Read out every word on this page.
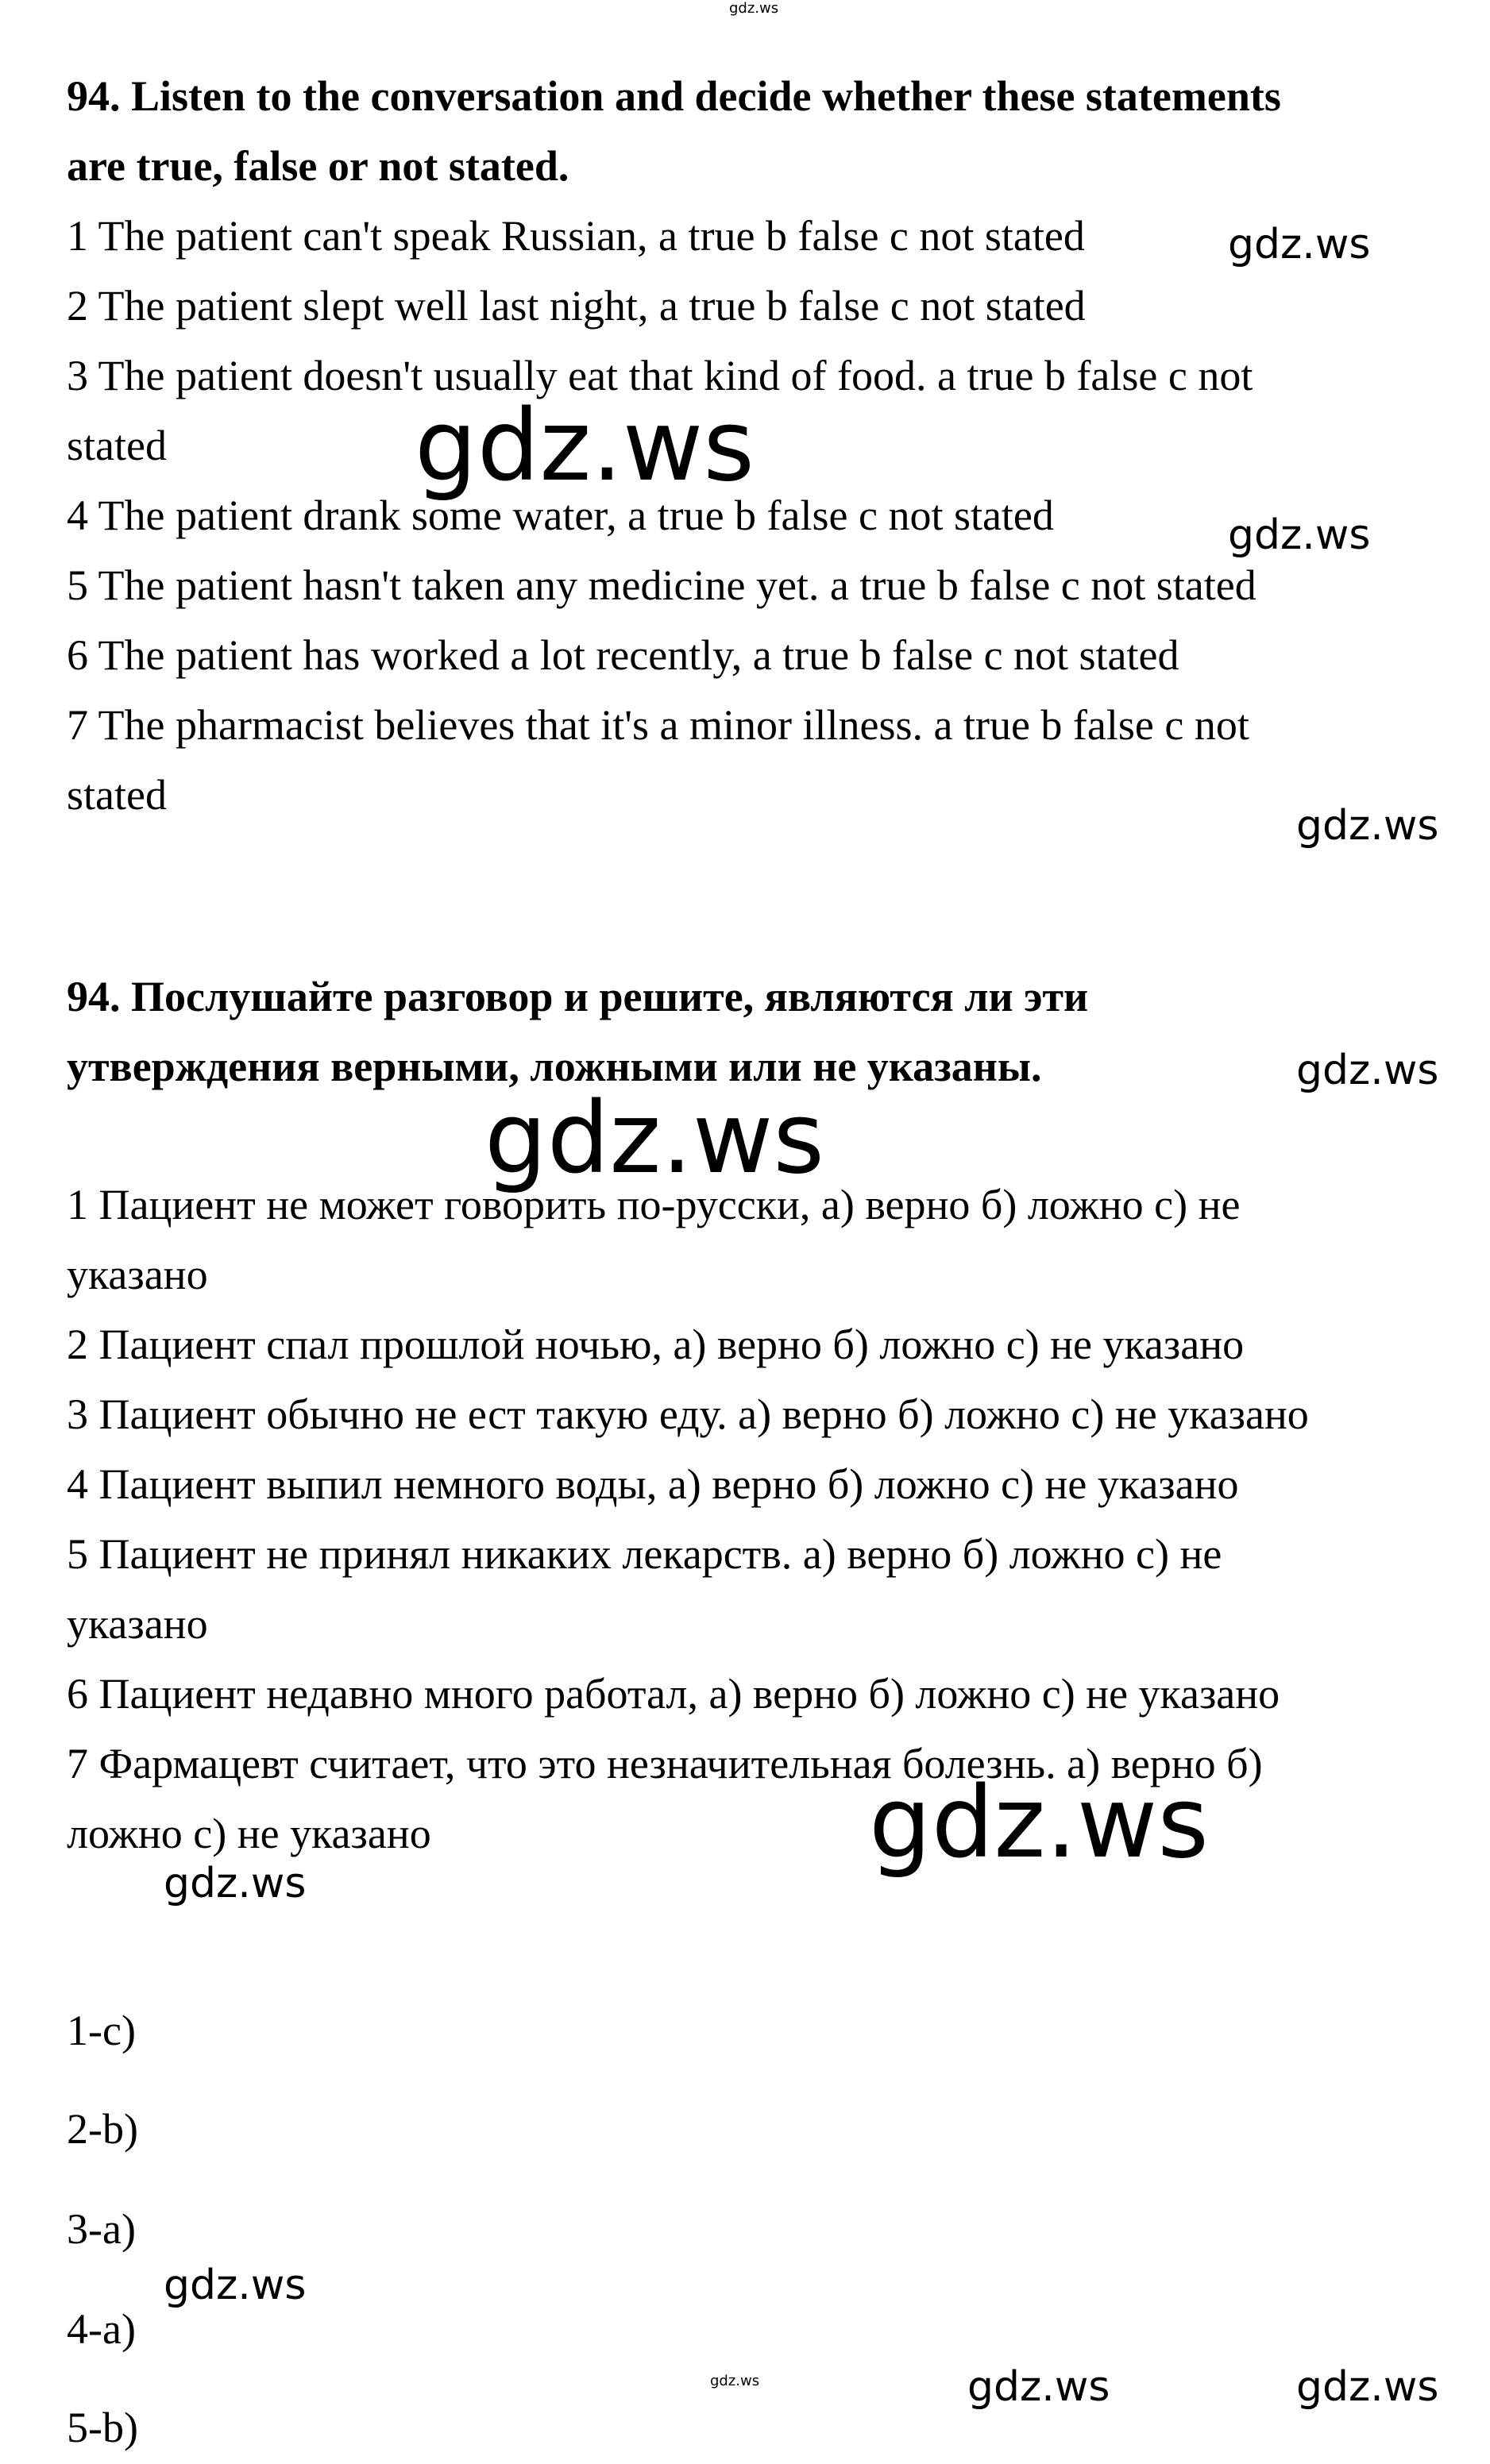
gdz.ws
94. Listen to the conversation and decide whether these statements
are true, false or not stated.
1 The patient can't speak Russian, a true b false c not stated
2 The patient slept well last night, a true b false c not stated
3 The patient doesn't usually eat that kind of food. a true b false c not
stated
4 The patient drank some water, a true b false c not stated
5 The patient hasn't taken any medicine yet. a true b false c not stated
6 The patient has worked a lot recently, a true b false c not stated
7 The pharmacist believes that it's a minor illness. a true b false c not
stated
94. Послушайте разговор и решите, являются ли эти
утверждения верными, ложными или не указаны.
1 Пациент не может говорить по-русски, а) верно б) ложно с) не
указано
2 Пациент спал прошлой ночью, а) верно б) ложно с) не указано
3 Пациент обычно не ест такую еду. а) верно б) ложно с) не указано
4 Пациент выпил немного воды, а) верно б) ложно с) не указано
5 Пациент не принял никаких лекарств. а) верно б) ложно с) не
указано
6 Пациент недавно много работал, а) верно б) ложно с) не указано
7 Фармацевт считает, что это незначительная болезнь. а) верно б)
ложно с) не указано
1-c)
2-b)
3-a)
4-a)
5-b)
gdz.ws
gdz.ws
gdz.ws
gdz.ws
gdz.ws
gdz.ws
gdz.ws
gdz.ws
gdz.ws
gdz.ws	gdz.ws	gdz.ws
